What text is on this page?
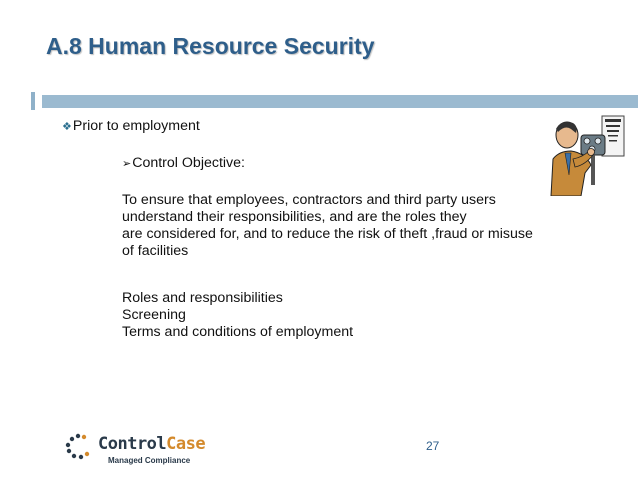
A.8 Human Resource Security
❖Prior to employment
➢Control Objective:
To ensure that employees, contractors and third party users
understand their responsibilities, and are the roles they
are considered for, and to reduce the risk of theft ,fraud or misuse
of facilities
Roles and responsibilities
Screening
Terms and conditions of employment
27
ControlCase
Managed Compliance
